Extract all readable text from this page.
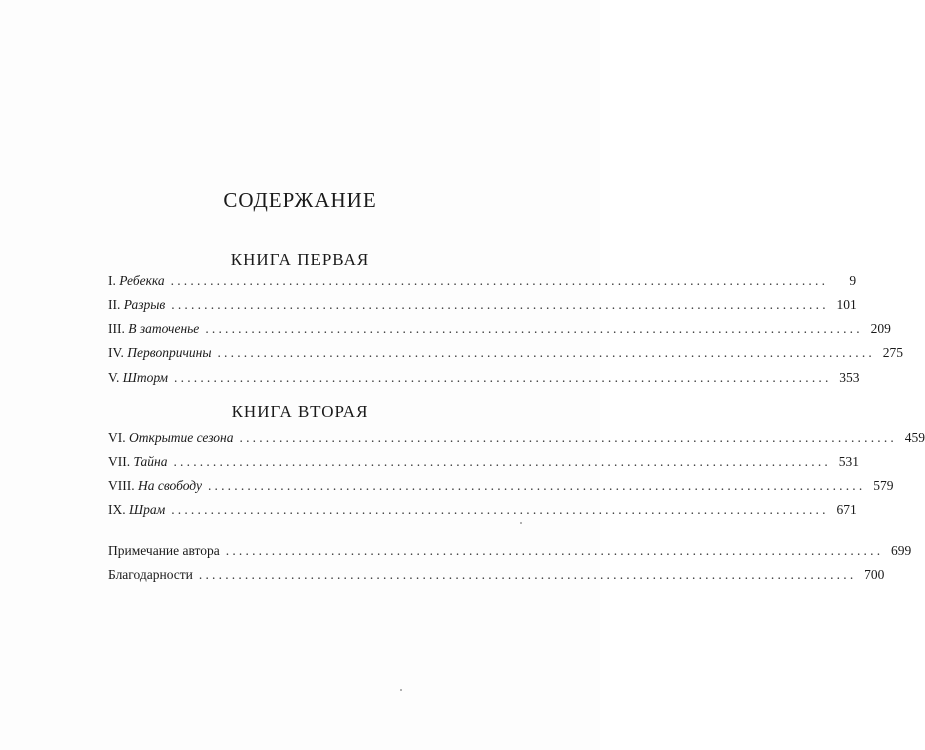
СОДЕРЖАНИЕ
КНИГА ПЕРВАЯ
I.
Ребекка ....................................................................................................	9
II.
Разрыв .................................................................................................... 101
III.
В заточенье .................................................................................................... 209
IV.
Первопричины .................................................................................................... 275
V.
Шторм .................................................................................................... 353
КНИГА ВТОРАЯ
VI.
Открытие сезона .................................................................................................... 459
VII.
Тайна .................................................................................................... 531
VIII.
На свободу .................................................................................................... 579
IX.
Шрам .................................................................................................... 671
Примечание автора .................................................................................................... 699
Благодарности .................................................................................................... 700
